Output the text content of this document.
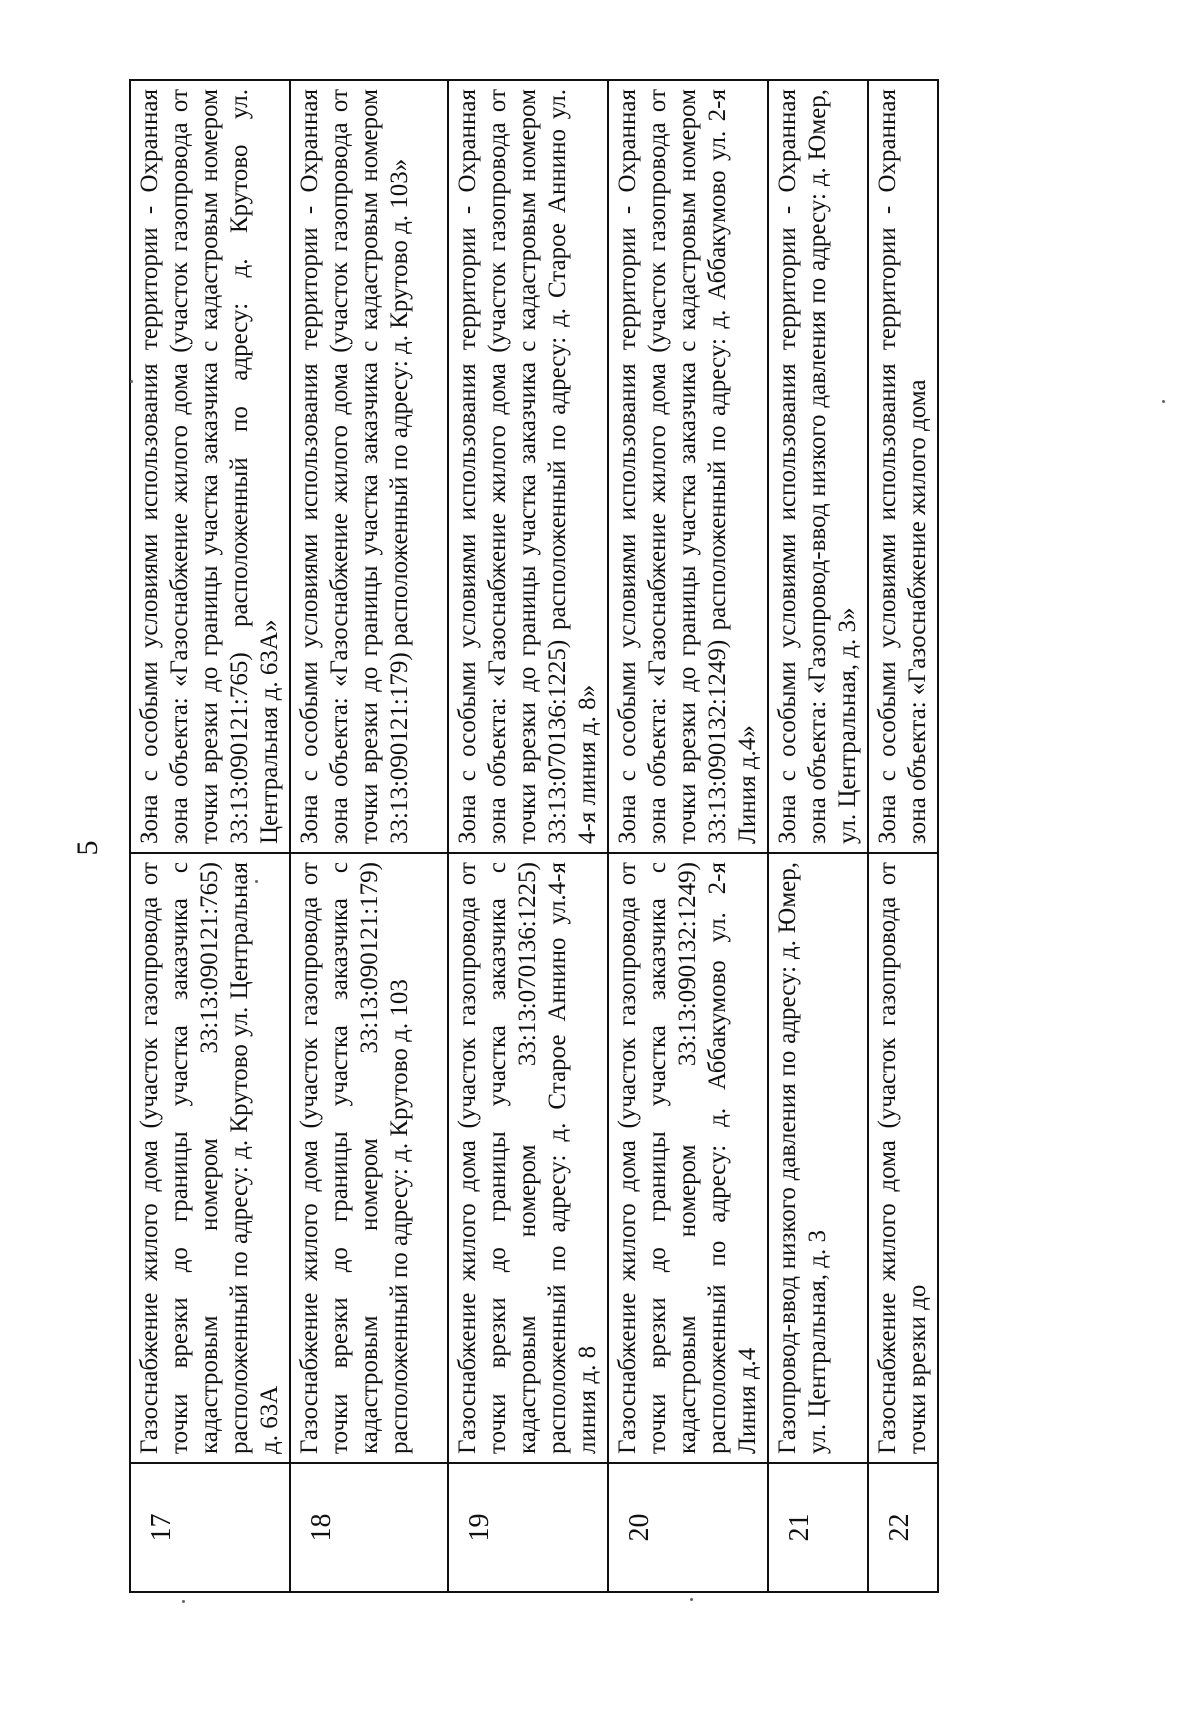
5
17	Газоснабжение жилого дома (участок газопровода от точки врезки до границы участка заказчика с кадастровым номером 33:13:090121:765) расположенный по адресу: д. Крутово ул. Центральная д. 63А	Зона с особыми условиями использования территории - Охранная зона объекта: «Газоснабжение жилого дома (участок газопровода от точки врезки до границы участка заказчика с кадастровым номером 33:13:090121:765) расположенный по адресу: д. Крутово ул. Центральная д. 63А»
18	Газоснабжение жилого дома (участок газопровода от точки врезки до границы участка заказчика с кадастровым номером 33:13:090121:179) расположенный по адресу: д. Крутово д. 103	Зона с особыми условиями использования территории - Охранная зона объекта: «Газоснабжение жилого дома (участок газопровода от точки врезки до границы участка заказчика с кадастровым номером 33:13:090121:179) расположенный по адресу: д. Крутово д. 103»
19	Газоснабжение жилого дома (участок газопровода от точки врезки до границы участка заказчика с кадастровым номером 33:13:070136:1225) расположенный по адресу: д. Старое Аннино ул.4-я линия д. 8	Зона с особыми условиями использования территории - Охранная зона объекта: «Газоснабжение жилого дома (участок газопровода от точки врезки до границы участка заказчика с кадастровым номером 33:13:070136:1225) расположенный по адресу: д. Старое Аннино ул. 4-я линия д. 8»
20	Газоснабжение жилого дома (участок газопровода от точки врезки до границы участка заказчика с кадастровым номером 33:13:090132:1249) расположенный по адресу: д. Аббакумово ул. 2-я Линия д.4	Зона с особыми условиями использования территории - Охранная зона объекта: «Газоснабжение жилого дома (участок газопровода от точки врезки до границы участка заказчика с кадастровым номером 33:13:090132:1249) расположенный по адресу: д. Аббакумово ул. 2-я Линия д.4»
21	Газопровод-ввод низкого давления по адресу: д. Юмер, ул. Центральная, д. 3	Зона с особыми условиями использования территории - Охранная зона объекта: «Газопровод-ввод низкого давления по адресу: д. Юмер, ул. Центральная, д. 3»
22	Газоснабжение жилого дома (участок газопровода от точки врезки до	Зона с особыми условиями использования территории - Охранная зона объекта: «Газоснабжение жилого дома
